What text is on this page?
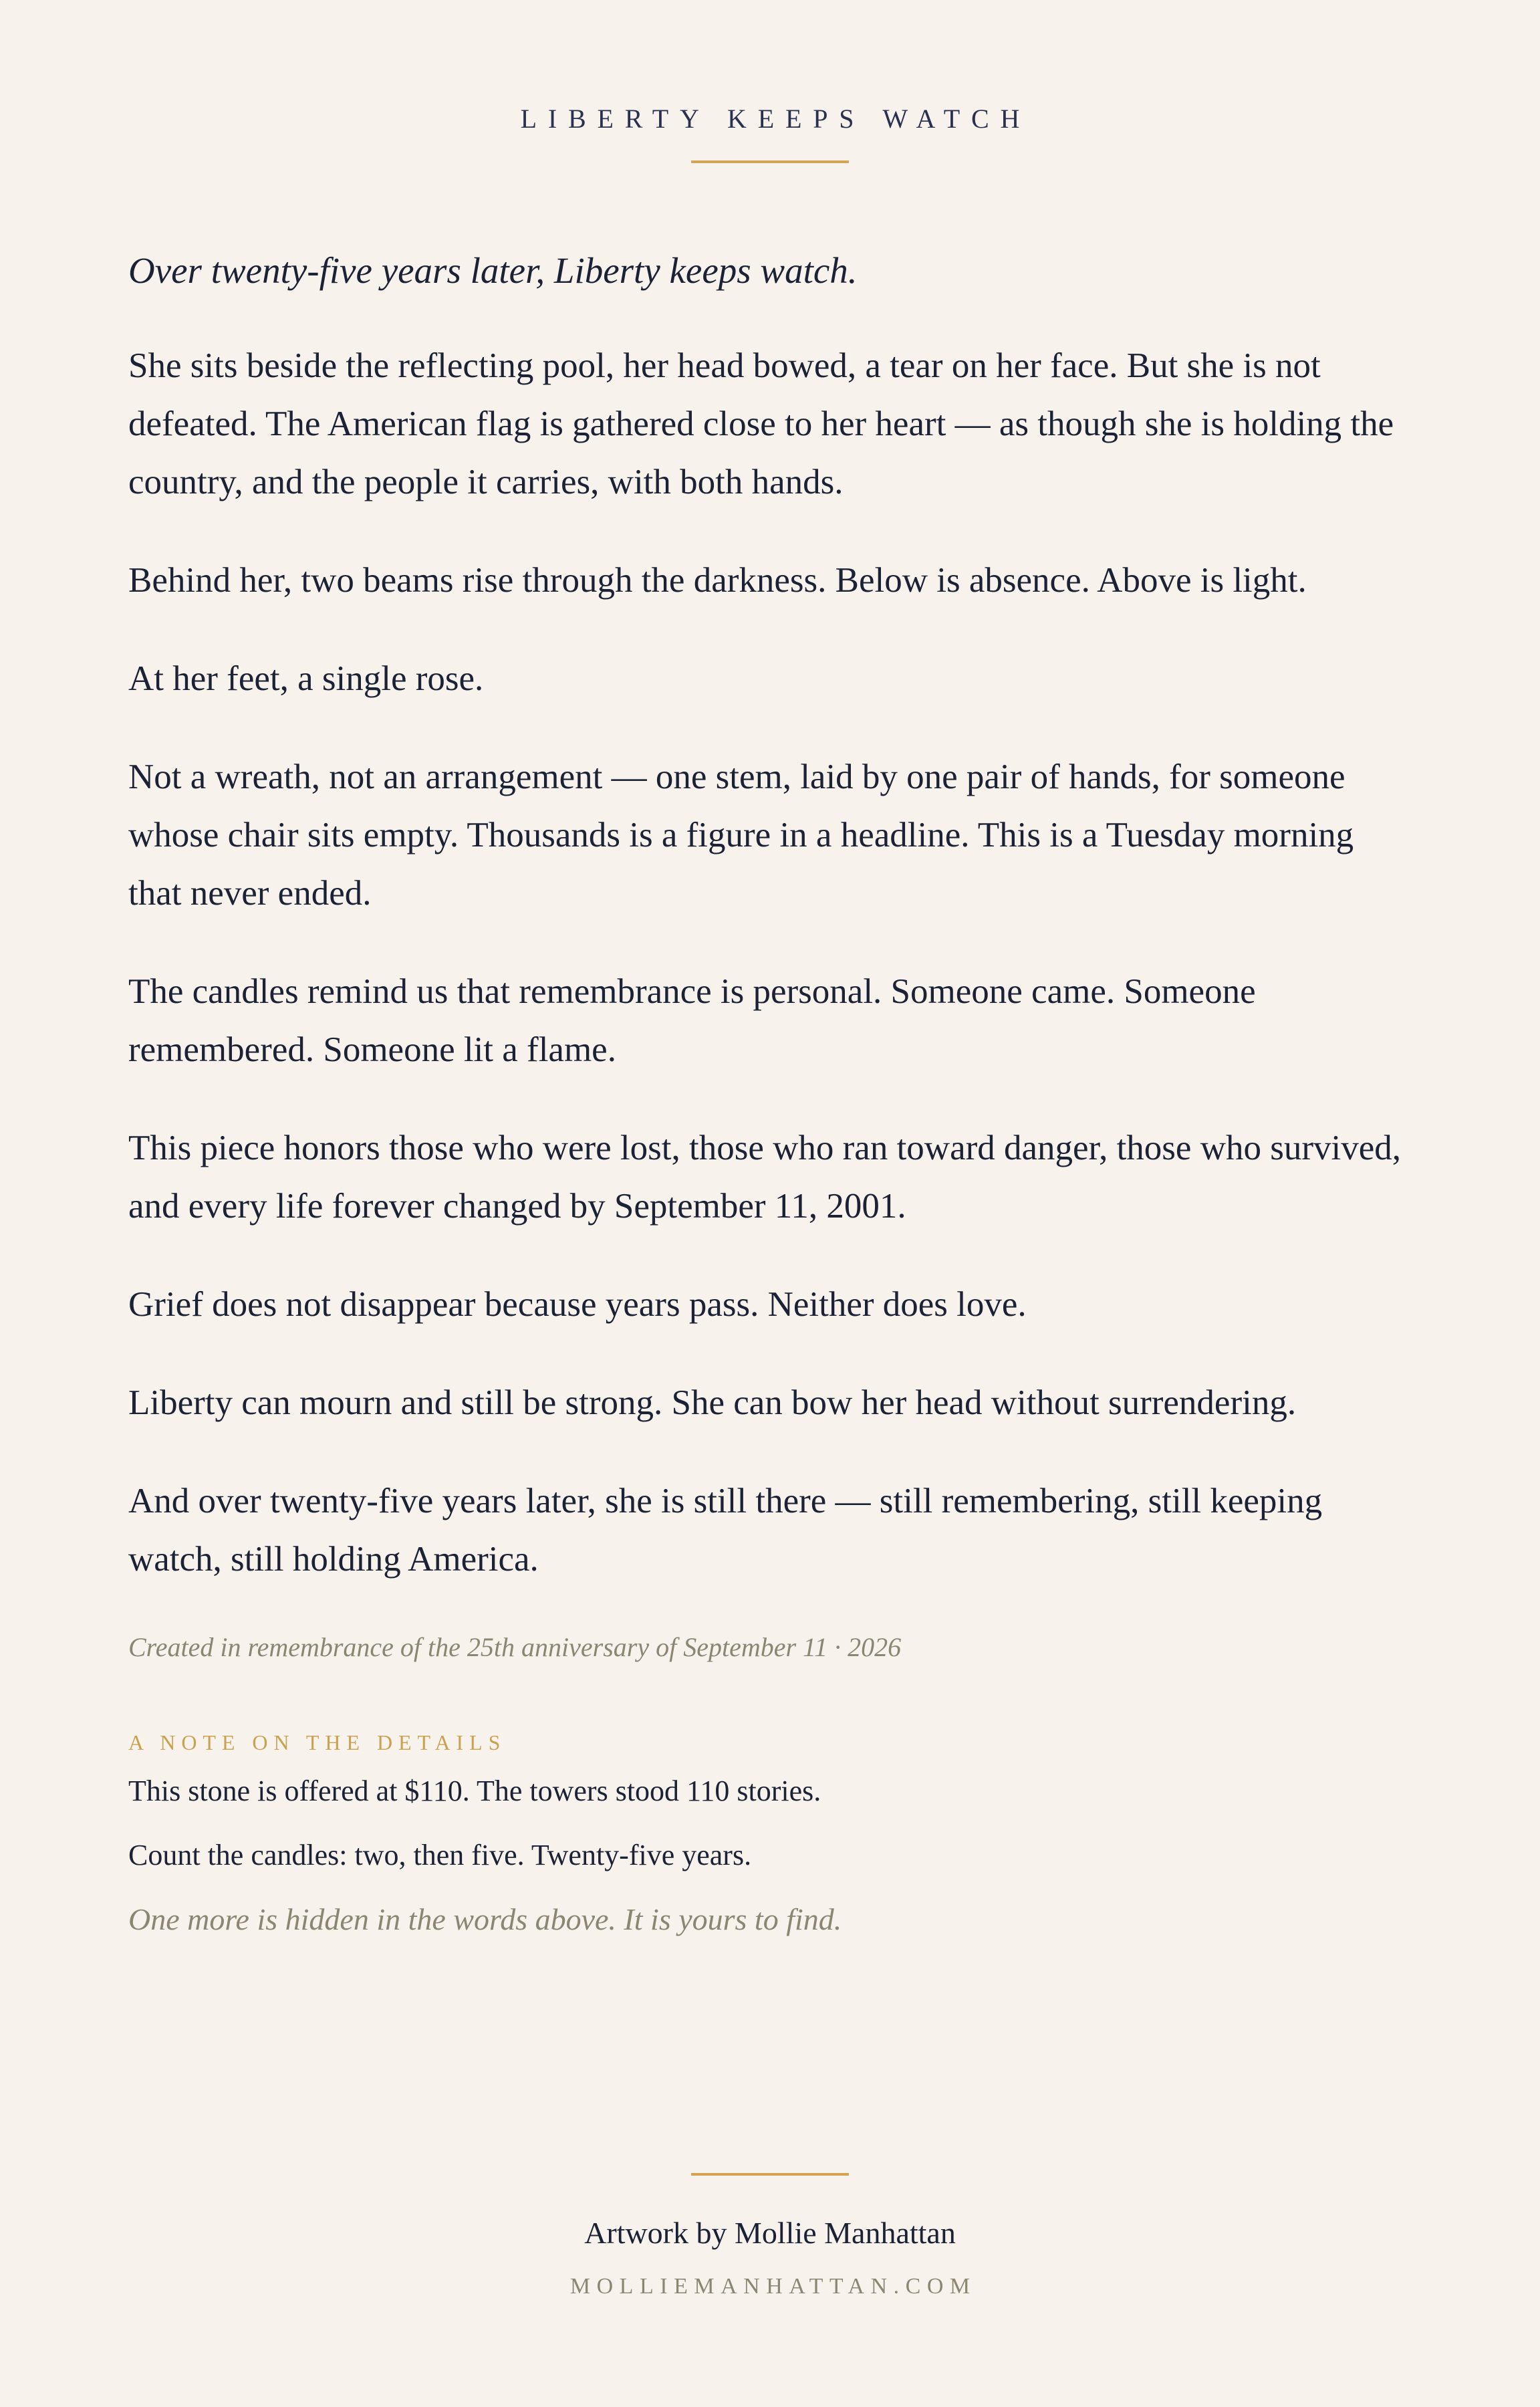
LIBERTY KEEPS WATCH

Over twenty-five years later, Liberty keeps watch.

She sits beside the reflecting pool, her head bowed, a tear on her face. But she is not defeated. The American flag is gathered close to her heart — as though she is holding the country, and the people it carries, with both hands.

Behind her, two beams rise through the darkness. Below is absence. Above is light.

At her feet, a single rose.

Not a wreath, not an arrangement — one stem, laid by one pair of hands, for someone whose chair sits empty. Thousands is a figure in a headline. This is a Tuesday morning that never ended.

The candles remind us that remembrance is personal. Someone came. Someone remembered. Someone lit a flame.

This piece honors those who were lost, those who ran toward danger, those who survived, and every life forever changed by September 11, 2001.

Grief does not disappear because years pass. Neither does love.

Liberty can mourn and still be strong. She can bow her head without surrendering.

And over twenty-five years later, she is still there — still remembering, still keeping watch, still holding America.

Created in remembrance of the 25th anniversary of September 11 · 2026

A NOTE ON THE DETAILS

This stone is offered at $110. The towers stood 110 stories.

Count the candles: two, then five. Twenty-five years.

One more is hidden in the words above. It is yours to find.

Artwork by Mollie Manhattan
MOLLIEMANHATTAN.COM
